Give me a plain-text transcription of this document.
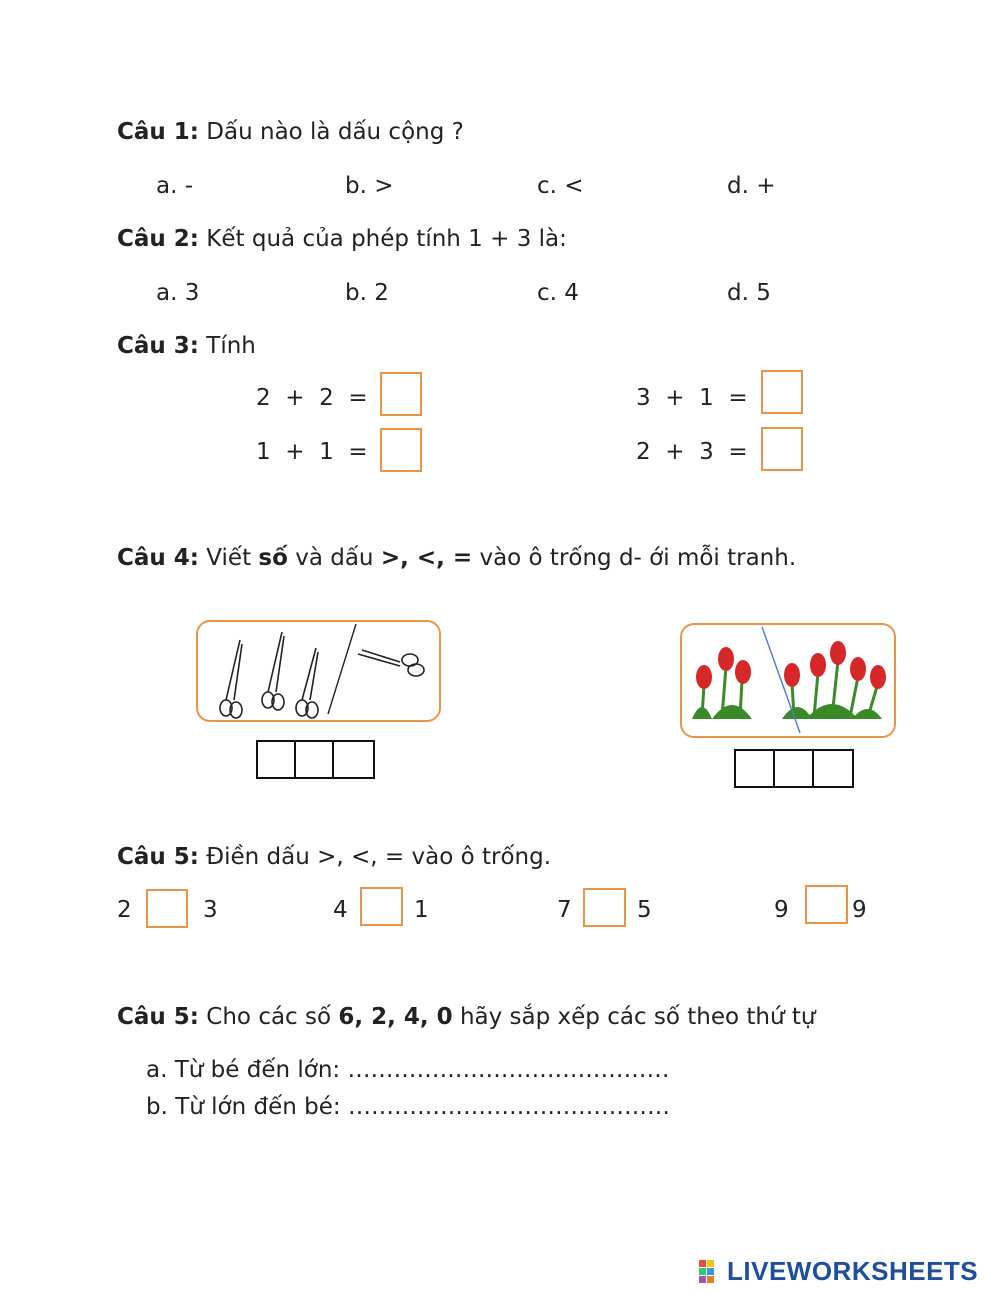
Câu 1: Dấu nào là dấu cộng ?
a. -	b. >	c. <	d. +
Câu 2: Kết quả của phép tính 1 + 3 là:
a. 3	b. 2	c. 4	d. 5
Câu 3: Tính
2  +  2  =	3  +  1  =
1  +  1  =	2  +  3  =
Câu 4: Viết số và dấu >, <, = vào ô trống d- ới mỗi tranh.
Câu 5: Điền dấu >, <, = vào ô trống.
2	3	4	1	7	5	9	9
Câu 5: Cho các số 6, 2, 4, 0 hãy sắp xếp các số theo thứ tự
a. Từ bé đến lớn: ……………………………………
b. Từ lớn đến bé: ……………………………………
LIVEWORKSHEETS
